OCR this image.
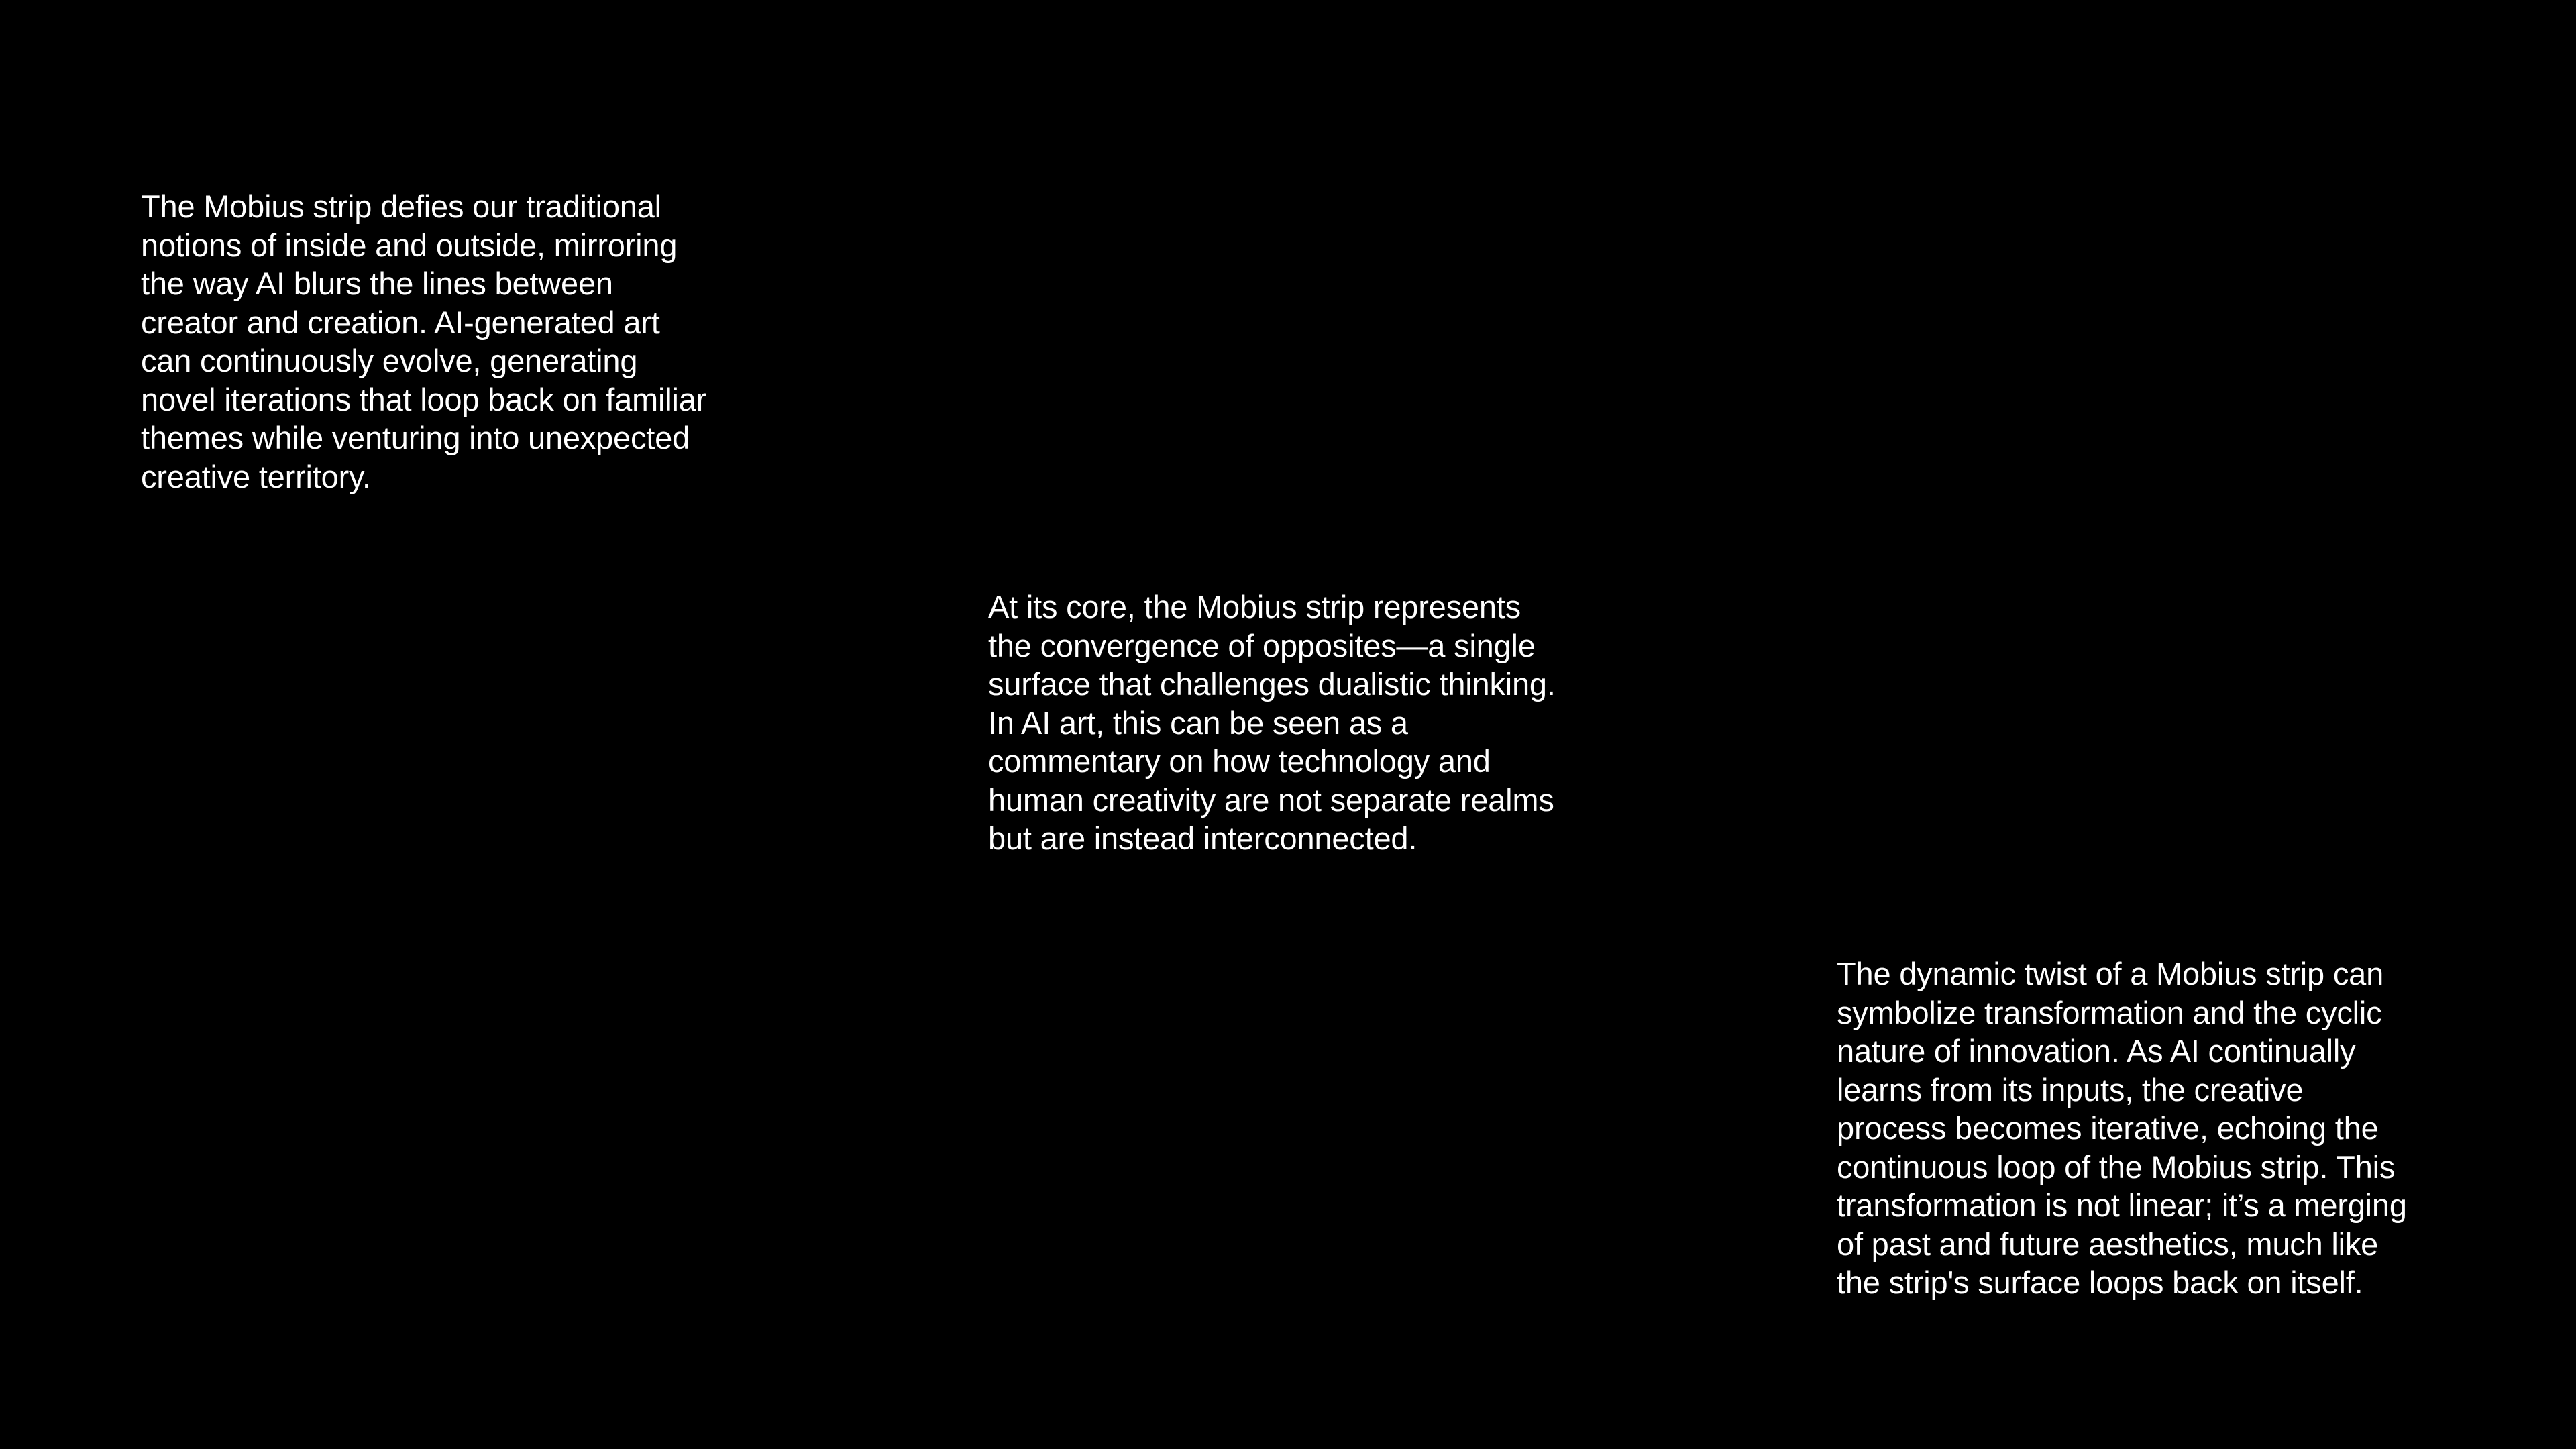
The Mobius strip defies our traditional
notions of inside and outside, mirroring
the way AI blurs the lines between
creator and creation. AI-generated art
can continuously evolve, generating
novel iterations that loop back on familiar
themes while venturing into unexpected
creative territory.
At its core, the Mobius strip represents
the convergence of opposites—a single
surface that challenges dualistic thinking.
In AI art, this can be seen as a
commentary on how technology and
human creativity are not separate realms
but are instead interconnected.
The dynamic twist of a Mobius strip can
symbolize transformation and the cyclic
nature of innovation. As AI continually
learns from its inputs, the creative
process becomes iterative, echoing the
continuous loop of the Mobius strip. This
transformation is not linear; it’s a merging
of past and future aesthetics, much like
the strip's surface loops back on itself.
